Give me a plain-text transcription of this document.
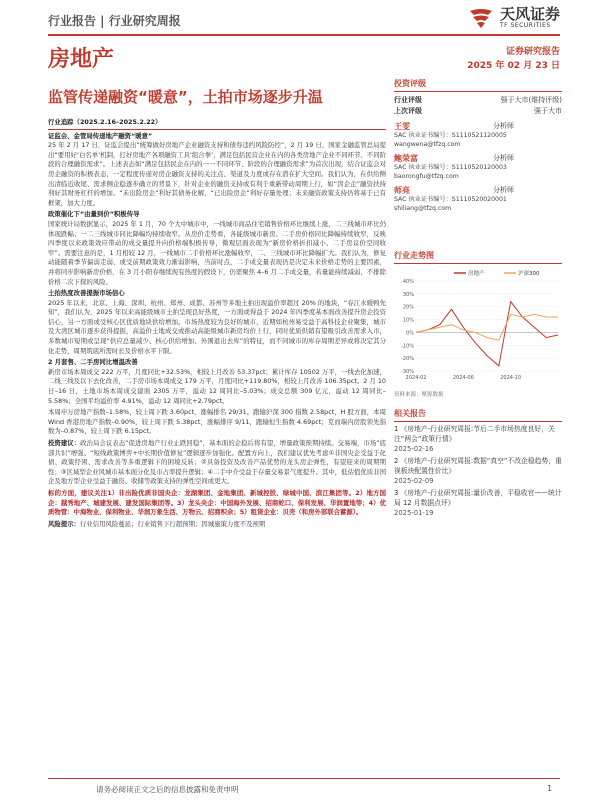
行业报告 | 行业研究周报	天风证券
TF SECURITIES
房地产	证券研究报告
2025 年 02 月 23 日
监管传递融资“暖意”，土拍市场逐步升温
行业追踪（2025.2.16–2025.2.22）
证监会、金管局传递地产融资“暖意”

25 年 2 月 17 日，证监会提出“统筹做好房地产企业融资支持和债券违约风险防控”，2 月 19 日，国家金融监管总局提出“要用好‘白名单’机制，打好房地产各项融资工具‘组合拳’，满足包括民营企业在内的各类房地产企业不同环节、不同阶段的合理融资需求”。上述表态如“满足包括民企在内的一一不同环节、阶段的合理融资需求”为首次出现，结合证监会对房企融资的积极表态，一定程度传递对房企融资支持的关注点、渠道及力度或存在潜在扩大空间。我们认为，在供给侧出清临近收尾、需求侧企稳逐步确立的背景下，针对企业的融资支持或有利于重新带动周期上行，如“因企企”融资扶持利好其财务杠杆的增加、“未出险房企”利好其债务化解，“已出险房企”利好存量处理；未来融资政策支持仍将基于已有框架，加大力度。

政策催化下“由量到价”积极传导

国家统计局数据显示，2025 年 1 月，70 个大中城市中，一线城市商品住宅销售价格环比继续上涨，二三线城市环比仍体现跌幅；一二三线城市同比降幅均持续收窄。从房价走势看，各能级城市新房、二手房价格同比降幅持续收窄，反映四季度以来政策效应带动的成交量提升向价格端积极传导，微观层面表现为“新房价格折扣减小、二手房议价空间收窄”。需要注意的是，1 月相较 12 月，一线城市二手价格环比涨幅收窄，二、三线城市环比降幅扩大。我们认为，修复动能随着季节偏弱走弱、或受前期政策效力渐弱影响，当前时点，二手成交量表现仍是决定未来价格走势的主要因素，并将同步影响新房价格，在 3 月小阳春继续现有热度的假设下，仍需聚焦 4–6 月二手成交量，若量能持续减弱，不排除价格二次下探的风险。

土拍热度改善提振市场信心

2025 年以来，北京、上海、深圳、杭州、郑州、成都、苏州等多地土拍出现溢价率超过 20% 的地块，“春江水暖鸭先知”，我们认为，2025 年以来高能级城市土拍呈现良好热度，一方面或得益于 2024 年四季度基本面改善提升房企投资信心，另一方面或受核心区优质地块供给增加。市场热度较为良好的城市，近期如杭州易受益于高科技企业聚集，城市及大湾区城市逐步获得提振，高溢价土地成交或推动高能级城市新房均价上行，同时优质供销有望吸引改善需求入市，多数城市短期或呈现“供应总量减少、核心供给增加、外围退出去库”的特征，而不同城市的库存周期差异或将决定其分化走势，周期筑底所需时长及价格水平下限。

2 月套售、二手房同比增温改善

新房市场本周成交 222 万平，月度同比+32.53%，相较上月改善 53.37pct；累计库存 10502 万平，一线去化加速，二线三线及以下去化改善，二手房市场本周成交 179 万平，月度同比+119.80%，相较上月改善 106.35pct。2 月 10 日–16 日，土地市场本周成交建面 2305 万平，溢动 12 周同比–5.03%；成交总额 309 亿元，溢动 12 周同比–5.58%；全国平均溢价率 4.91%，溢动 12 周同比+2.79pct。

本周申万房地产指数–1.58%，较上周下跌 3.60pct，涨幅排名 29/31。跑输沪深 300 指数 2.58pct，H 股方面，本周 Wind 香港房地产指数–0.90%，较上周下跌 5.38pct，涨幅排序 9/11，跑输恒生指数 4.69pct；克而瑞内房股领先指数为–0.87%，较上周下跌 6.15pct。

投资建议：政治局会议表态“促进房地产行业止跌回稳”，基本面的企稳后将有望，增量政策预期持续。交易端，市场“底部共识”增强、“短线政策博弈+中长期价值修复”逻辑逐步加强化。配置方向上，我们建议优先考虑①非国央企受益于化债、政策纾困、需求改善等多重逻辑下的困境反转；②具备投资及改善产品优势的龙头房企弹性，有望迎来的周期期性；③区域型企业风城市基本面分化及市占率提升逻辑；④二手中介受益于存量交易景气度提升。其中，低估值优质非国企及地方型企业受益于融资、收储等政策支持的弹性空间或更大。

标的方面，建议关注1）非出险优质非国央企：龙湖集团、金地集团、新城控股、绿城中国、滨江集团等。2）地方国企：越秀地产、城建发展、建发国际集团等。3）龙头央企：中国海外发展、招商蛇口、保利发展、华润置地等；4）优质物管：中海物业、保利物业、华润万象生活、万物云、招商积余；5）租赁企业：贝壳（和房外部联合蓄源）。

风险提示：行业信用风险蔓延；行业销售下行超预期；因城施策力度不及预期

投资评级
行业评级	强于大市(维持评级)
上次评级	强于大市
王雯	分析师
SAC 执业证书编号：S1110521120005
wangwena@tfzq.com
鲍荣富	分析师
SAC 执业证书编号：S1110520120003
baorongfu@tfzq.com
师亮	分析师
SAC 执业证书编号：S1110520020001
shiliang@tfzq.com
行业走势图
40%
30%
20%
10%
0%
-10%
-20%
-30%
2024-02	2024-06	2024-10
房地产	沪深300
资料来源：聚源数据
相关报告
1 《房地产-行业研究周报:节后二手市场热度良好，关注“两会”政策行情》
2025-02-16
2 《房地产-行业研究周报:数据“真空”不改企稳趋势，重视板块配置性价比》
2025-02-09
3 《房地产-行业研究周报:量价改善，平稳收官——统计局 12 月数据点评》
2025-01-19
请务必阅读正文之后的信息披露和免责申明	1
